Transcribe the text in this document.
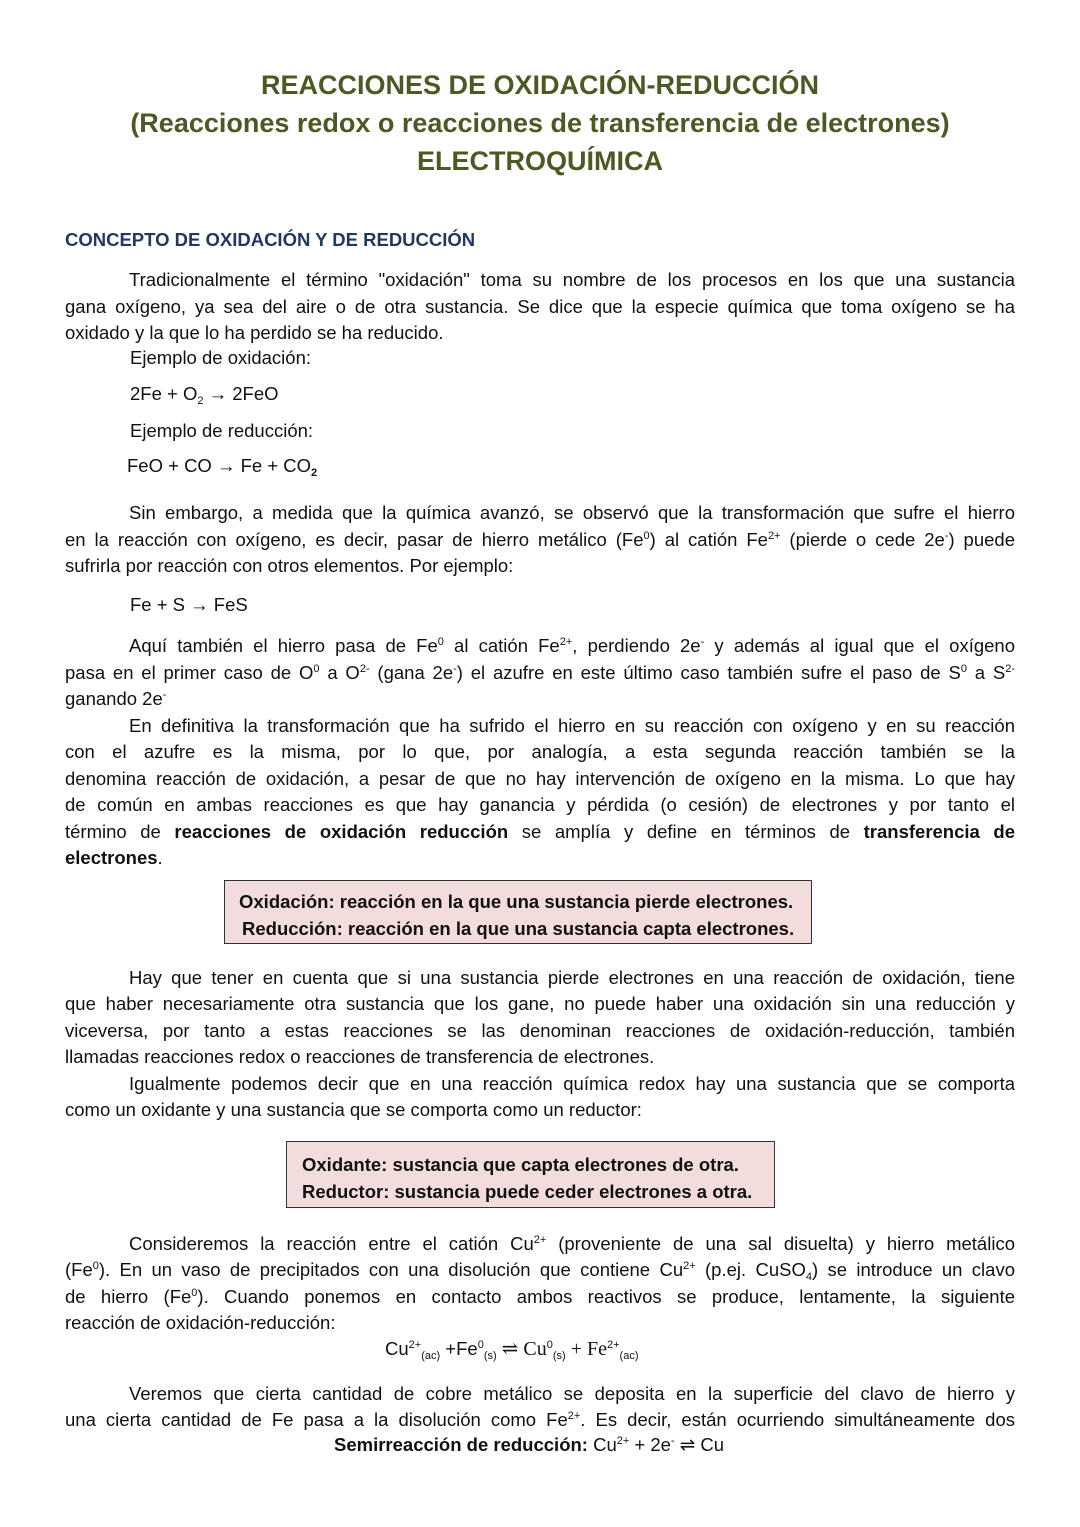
REACCIONES DE OXIDACIÓN-REDUCCIÓN
(Reacciones redox o reacciones de transferencia de electrones)
ELECTROQUÍMICA
CONCEPTO DE OXIDACIÓN Y DE REDUCCIÓN
Tradicionalmente el término "oxidación" toma su nombre de los procesos en los que una sustancia
gana oxígeno, ya sea del aire o de otra sustancia. Se dice que la especie química que toma oxígeno se ha
oxidado y la que lo ha perdido se ha reducido.
Ejemplo de oxidación:
$2Fe + O_2 \to 2FeO$
Ejemplo de reducción:
FeO + CO → $Fe + CO_2$
Sin embargo, a medida que la química avanzó, se observó que la transformación que sufre el hierro
en la reacción con oxígeno, es decir, pasar de hierro metálico (Fe$^0$) al catión $Fe^{2+}$ (pierde o cede 2e-) puede
sufrirla por reacción con otros elementos. Por ejemplo:
Fe + S → FeS
Aquí también el hierro pasa de Fe$^0$ al catión $Fe^{2+}$, perdiendo 2e- y además al igual que el oxígeno
pasa en el primer caso de $O^0$ a $O^{2-}$ (gana 2e-) el azufre en este último caso también sufre el paso de $S^0$ a $S^{2-}$
ganando 2e-
En definitiva la transformación que ha sufrido el hierro en su reacción con oxígeno y en su reacción
con el azufre es la misma, por lo que, por analogía, a esta segunda reacción también se la
denomina reacción de oxidación, a pesar de que no hay intervención de oxígeno en la misma. Lo que hay
de común en ambas reacciones es que hay ganancia y pérdida (o cesión) de electrones y por tanto el
término de reacciones de oxidación reducción se amplía y define en términos de transferencia de
electrones.
Oxidación: reacción en la que una sustancia pierde electrones.
Reducción: reacción en la que una sustancia capta electrones.
Hay que tener en cuenta que si una sustancia pierde electrones en una reacción de oxidación, tiene
que haber necesariamente otra sustancia que los gane, no puede haber una oxidación sin una reducción y
viceversa, por tanto a estas reacciones se las denominan reacciones de oxidación-reducción, también
llamadas reacciones redox o reacciones de transferencia de electrones.
Igualmente podemos decir que en una reacción química redox hay una sustancia que se comporta
como un oxidante y una sustancia que se comporta como un reductor:
Oxidante: sustancia que capta electrones de otra.
Reductor: sustancia puede ceder electrones a otra.
Consideremos la reacción entre el catión $Cu^{2+}$ (proveniente de una sal disuelta) y hierro metálico
(Fe$^0$). En un vaso de precipitados con una disolución que contiene $Cu^{2+}$ (p.ej. CuSO$_4$) se introduce un clavo
de hierro (Fe$^0$). Cuando ponemos en contacto ambos reactivos se produce, lentamente, la siguiente
reacción de oxidación-reducción:
$Cu^{2+}_{(ac)} +Fe^0_{(s)}$ ⇌ $Cu^0_{(s)} + Fe^{2+}_{(ac)}$
Veremos que cierta cantidad de cobre metálico se deposita en la superficie del clavo de hierro y
una cierta cantidad de Fe pasa a la disolución como $Fe^{2+}$. Es decir, están ocurriendo simultáneamente dos
Semirreacción de reducción: $Cu^{2+} + 2e^-$ ⇌ Cu
